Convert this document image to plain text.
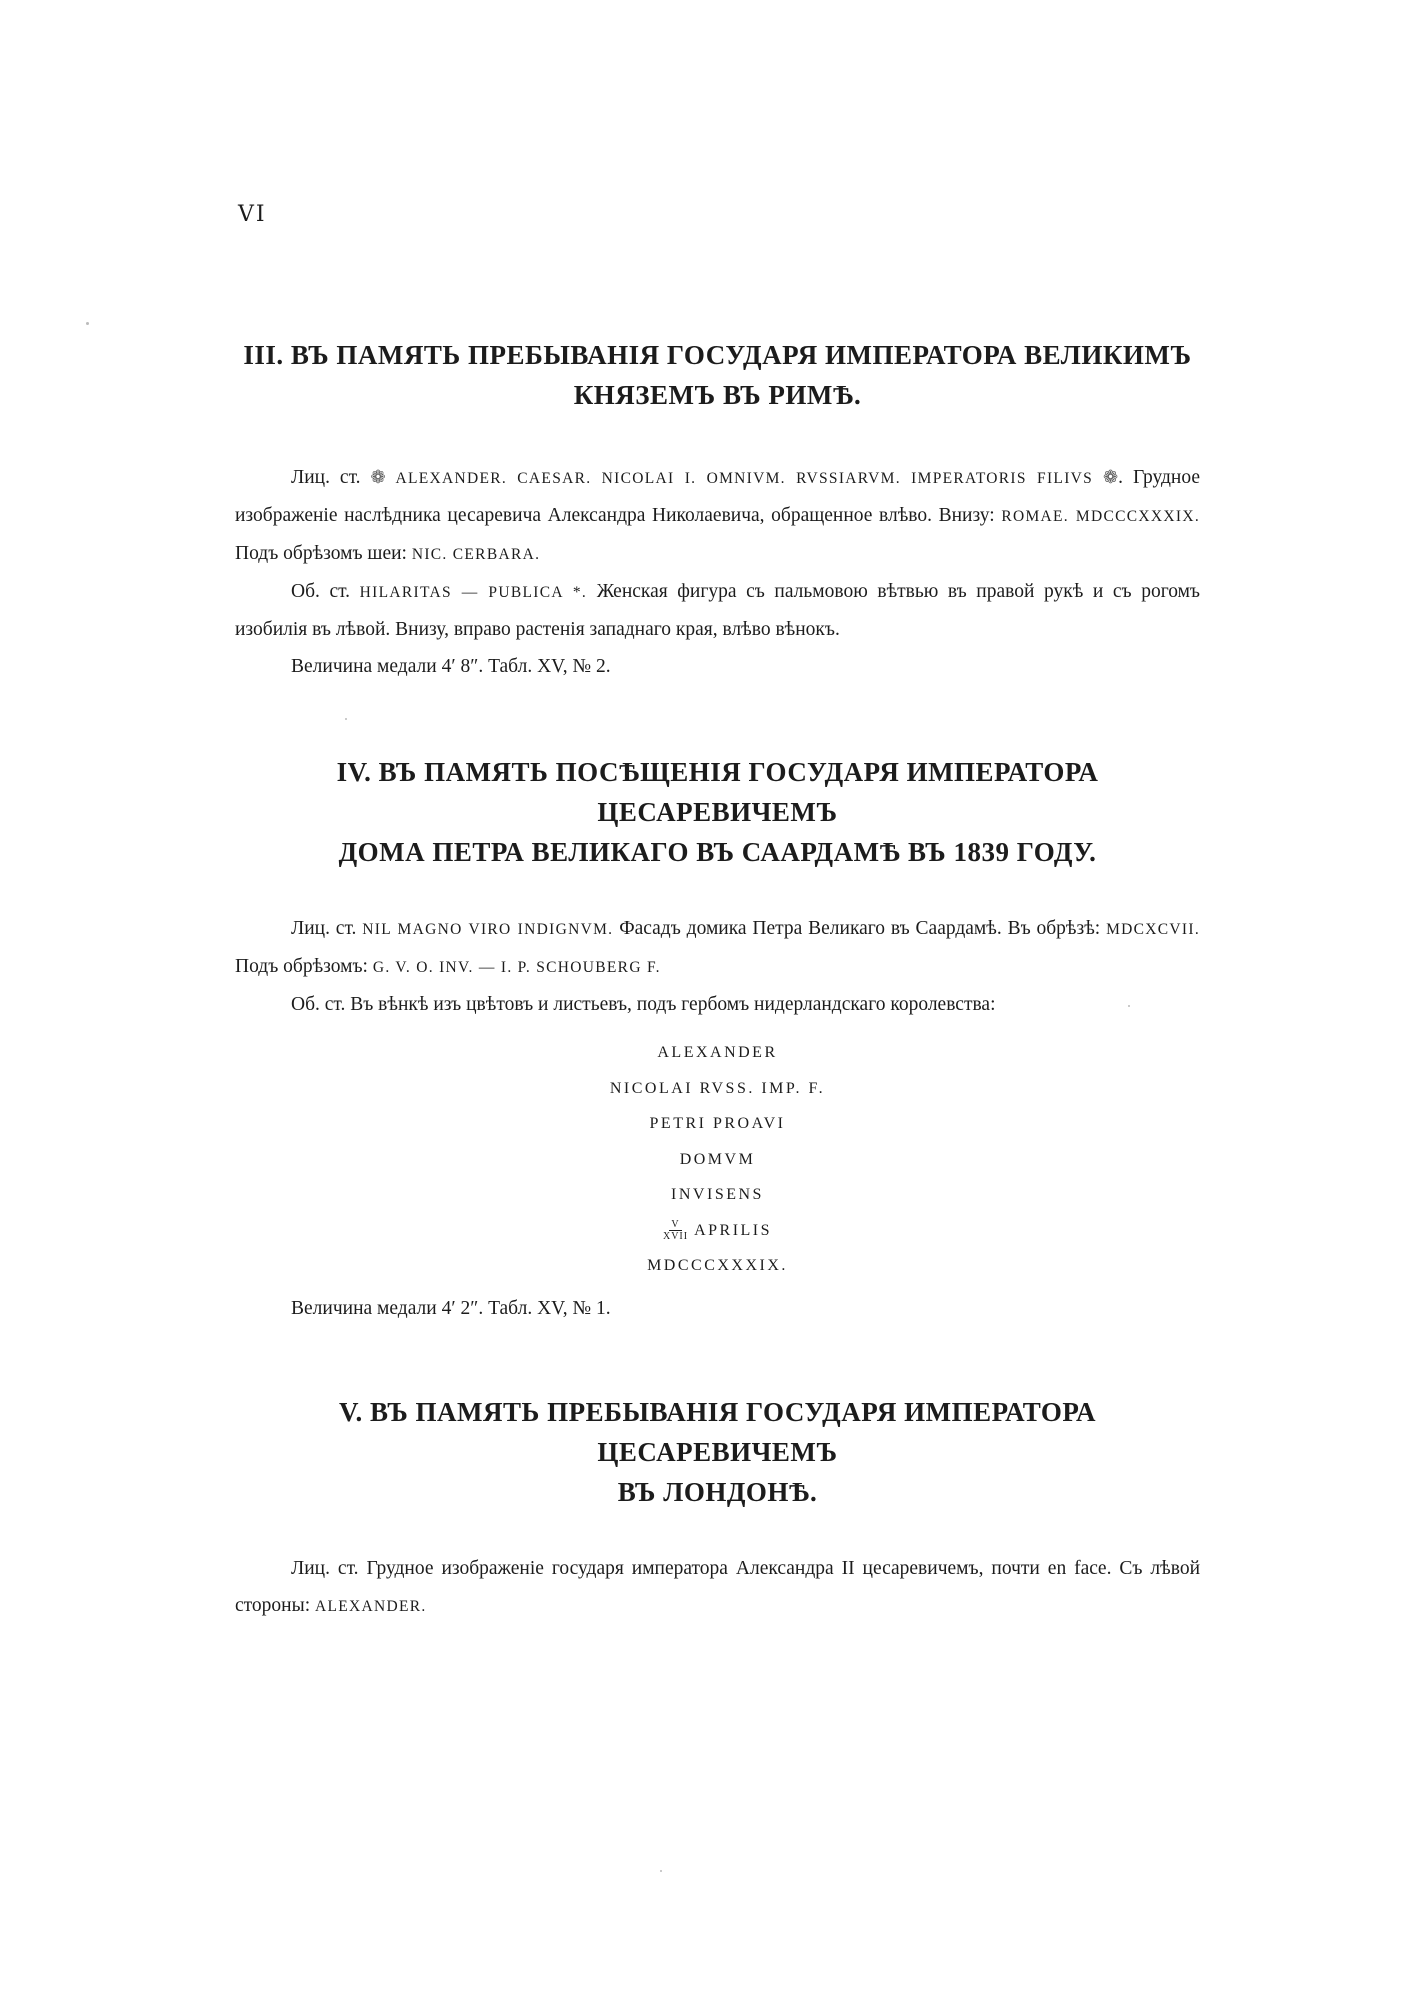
VI
III. ВЪ ПАМЯТЬ ПРЕБЫВАНІЯ ГОСУДАРЯ ИМПЕРАТОРА ВЕЛИКИМЪ
КНЯЗЕМЪ ВЪ РИМѢ.

Лиц. ст. ❁ ALEXANDER. CAESAR. NICOLAI I. OMNIVM. RVSSIARVM. IMPERATORIS FILIVS ❁. Грудное изображеніе наслѣдника цесаревича Александра Николаевича, обращенное влѣво. Внизу: ROMAE. MDCCCXXXIX. Подъ обрѣзомъ шеи: NIC. CERBARA.

Об. ст. HILARITAS — PUBLICA *. Женская фигура съ пальмовою вѣтвью въ правой рукѣ и съ рогомъ изобилія въ лѣвой. Внизу, вправо растенія западнаго края, влѣво вѣнокъ.

Величина медали 4′ 8″. Табл. XV, № 2.

IV. ВЪ ПАМЯТЬ ПОСѢЩЕНІЯ ГОСУДАРЯ ИМПЕРАТОРА ЦЕСАРЕВИЧЕМЪ
ДОМА ПЕТРА ВЕЛИКАГО ВЪ СААРДАМѢ ВЪ 1839 ГОДУ.

Лиц. ст. NIL MAGNO VIRO INDIGNVM. Фасадъ домика Петра Великаго въ Саардамѣ. Въ обрѣзѣ: MDCXCVII. Подъ обрѣзомъ: G. V. O. INV. — I. P. SCHOUBERG F.

Об. ст. Въ вѣнкѣ изъ цвѣтовъ и листьевъ, подъ гербомъ нидерландскаго королевства:

ALEXANDER
NICOLAI RVSS. IMP. F.
PETRI PROAVI
DOMVM
INVISENS
$\frac{V}{\text{XVII}}$ APRILIS
MDCCCXXXIX.

Величина медали 4′ 2″. Табл. XV, № 1.

V. ВЪ ПАМЯТЬ ПРЕБЫВАНІЯ ГОСУДАРЯ ИМПЕРАТОРА ЦЕСАРЕВИЧЕМЪ
ВЪ ЛОНДОНѢ.

Лиц. ст. Грудное изображеніе государя императора Александра II цесаревичемъ, почти en face. Съ лѣвой стороны: ALEXANDER.
